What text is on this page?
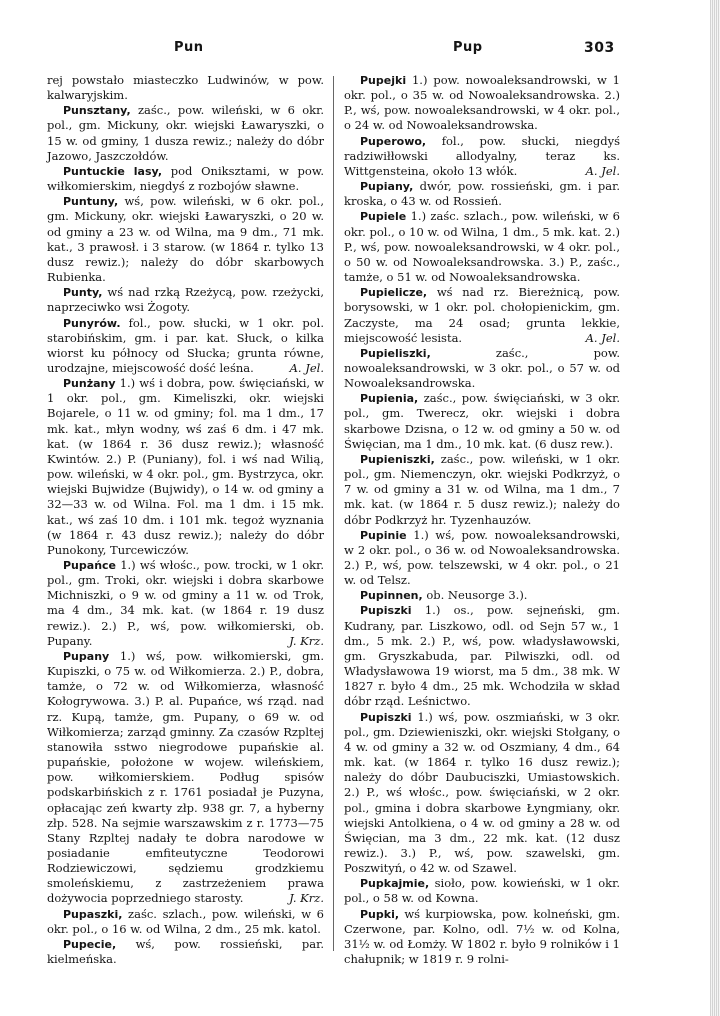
Pun	Pup	303

rej powstało miasteczko Ludwinów, w pow. kalwaryjskim.

Punsztany, zaśc., pow. wileński, w 6 okr. pol., gm. Mickuny, okr. wiejski Ławaryszki, o 15 w. od gminy, 1 dusza rewiz.; należy do dóbr Jazowo, Jaszczołdów.

Puntuckie lasy, pod Oniksztami, w pow. wiłkomierskim, niegdyś z rozbojów sławne.

Puntuny, wś, pow. wileński, w 6 okr. pol., gm. Mickuny, okr. wiejski Ławaryszki, o 20 w. od gminy a 23 w. od Wilna, ma 9 dm., 71 mk. kat., 3 prawosł. i 3 starow. (w 1864 r. tylko 13 dusz rewiz.); należy do dóbr skarbowych Rubienka.

Punty, wś nad rzką Rzeżycą, pow. rzeżycki, naprzeciwko wsi Żogoty.

Punyrów. fol., pow. słucki, w 1 okr. pol. starobińskim, gm. i par. kat. Słuck, o kilka wiorst ku północy od Słucka; grunta równe, urodzajne, miejscowość dość leśna.	A. Jel.

Punżany 1.) wś i dobra, pow. święciański, w 1 okr. pol., gm. Kimeliszki, okr. wiejski Bojarele, o 11 w. od gminy; fol. ma 1 dm., 17 mk. kat., młyn wodny, wś zaś 6 dm. i 47 mk. kat. (w 1864 r. 36 dusz rewiz.); własność Kwintów. 2.) P. (Puniany), fol. i wś nad Wilią, pow. wileński, w 4 okr. pol., gm. Bystrzyca, okr. wiejski Bujwidze (Bujwidy), o 14 w. od gminy a 32—33 w. od Wilna. Fol. ma 1 dm. i 15 mk. kat., wś zaś 10 dm. i 101 mk. tegoż wyznania (w 1864 r. 43 dusz rewiz.); należy do dóbr Punokony, Turcewiczów.

Pupańce 1.) wś włośc., pow. trocki, w 1 okr. pol., gm. Troki, okr. wiejski i dobra skarbowe Michniszki, o 9 w. od gminy a 11 w. od Trok, ma 4 dm., 34 mk. kat. (w 1864 r. 19 dusz rewiz.). 2.) P., wś, pow. wiłkomierski, ob. Pupany.	J. Krz.

Pupany 1.) wś, pow. wiłkomierski, gm. Kupiszki, o 75 w. od Wiłkomierza. 2.) P., dobra, tamże, o 72 w. od Wiłkomierza, własność Kołogrywowa. 3.) P. al. Pupańce, wś rząd. nad rz. Kupą, tamże, gm. Pupany, o 69 w. od Wiłkomierza; zarząd gminny. Za czasów Rzpltej stanowiła sstwo niegrodowe pupańskie al. pupańskie, położone w wojew. wileńskiem, pow. wiłkomierskiem. Podług spisów podskarbińskich z r. 1761 posiadał je Puzyna, opłacając zeń kwarty złp. 938 gr. 7, a hyberny złp. 528. Na sejmie warszawskim z r. 1773—75 Stany Rzpltej nadały te dobra narodowe w posiadanie emfiteutyczne Teodorowi Rodziewiczowi, sędziemu grodzkiemu smoleńskiemu, z zastrzeżeniem prawa dożywocia poprzedniego starosty.	J. Krz.

Pupaszki, zaśc. szlach., pow. wileński, w 6 okr. pol., o 16 w. od Wilna, 2 dm., 25 mk. katol.

Pupecie, wś, pow. rossieński, par. kielmeńska.

Pupejki 1.) pow. nowoaleksandrowski, w 1 okr. pol., o 35 w. od Nowoaleksandrowska. 2.) P., wś, pow. nowoaleksandrowski, w 4 okr. pol., o 24 w. od Nowoaleksandrowska.

Puperowo, fol., pow. słucki, niegdyś radziwiłłowski allodyalny, teraz ks. Wittgensteina, około 13 włók.	A. Jel.

Pupiany, dwór, pow. rossieński, gm. i par. kroska, o 43 w. od Rossień.

Pupiele 1.) zaśc. szlach., pow. wileński, w 6 okr. pol., o 10 w. od Wilna, 1 dm., 5 mk. kat. 2.) P., wś, pow. nowoaleksandrowski, w 4 okr. pol., o 50 w. od Nowoaleksandrowska. 3.) P., zaśc., tamże, o 51 w. od Nowoaleksandrowska.

Pupielicze, wś nad rz. Biereżnicą, pow. borysowski, w 1 okr. pol. chołopienickim, gm. Zaczyste, ma 24 osad; grunta lekkie, miejscowość lesista.	A. Jel.

Pupieliszki, zaśc., pow. nowoaleksandrowski, w 3 okr. pol., o 57 w. od Nowoaleksandrowska.

Pupienia, zaśc., pow. święciański, w 3 okr. pol., gm. Twerecz, okr. wiejski i dobra skarbowe Dzisna, o 12 w. od gminy a 50 w. od Święcian, ma 1 dm., 10 mk. kat. (6 dusz rew.).

Pupieniszki, zaśc., pow. wileński, w 1 okr. pol., gm. Niemenczyn, okr. wiejski Podkrzyż, o 7 w. od gminy a 31 w. od Wilna, ma 1 dm., 7 mk. kat. (w 1864 r. 5 dusz rewiz.); należy do dóbr Podkrzyż hr. Tyzenhauzów.

Pupinie 1.) wś, pow. nowoaleksandrowski, w 2 okr. pol., o 36 w. od Nowoaleksandrowska. 2.) P., wś, pow. telszewski, w 4 okr. pol., o 21 w. od Telsz.

Pupinnen, ob. Neusorge 3.).

Pupiszki 1.) os., pow. sejneński, gm. Kudrany, par. Liszkowo, odl. od Sejn 57 w., 1 dm., 5 mk. 2.) P., wś, pow. władysławowski, gm. Gryszkabuda, par. Pilwiszki, odl. od Władysławowa 19 wiorst, ma 5 dm., 38 mk. W 1827 r. było 4 dm., 25 mk. Wchodziła w skład dóbr rząd. Leśnictwo.

Pupiszki 1.) wś, pow. oszmiański, w 3 okr. pol., gm. Dziewieniszki, okr. wiejski Stołgany, o 4 w. od gminy a 32 w. od Oszmiany, 4 dm., 64 mk. kat. (w 1864 r. tylko 16 dusz rewiz.); należy do dóbr Daubuciszki, Umiastowskich. 2.) P., wś włośc., pow. święciański, w 2 okr. pol., gmina i dobra skarbowe Łyngmiany, okr. wiejski Antolkiena, o 4 w. od gminy a 28 w. od Święcian, ma 3 dm., 22 mk. kat. (12 dusz rewiz.). 3.) P., wś, pow. szawelski, gm. Poszwityń, o 42 w. od Szawel.

Pupkajmie, sioło, pow. kowieński, w 1 okr. pol., o 58 w. od Kowna.

Pupki, wś kurpiowska, pow. kolneński, gm. Czerwone, par. Kolno, odl. 7½ w. od Kolna, 31½ w. od Łomży. W 1802 r. było 9 rolników i 1 chałupnik; w 1819 r. 9 rolni-
